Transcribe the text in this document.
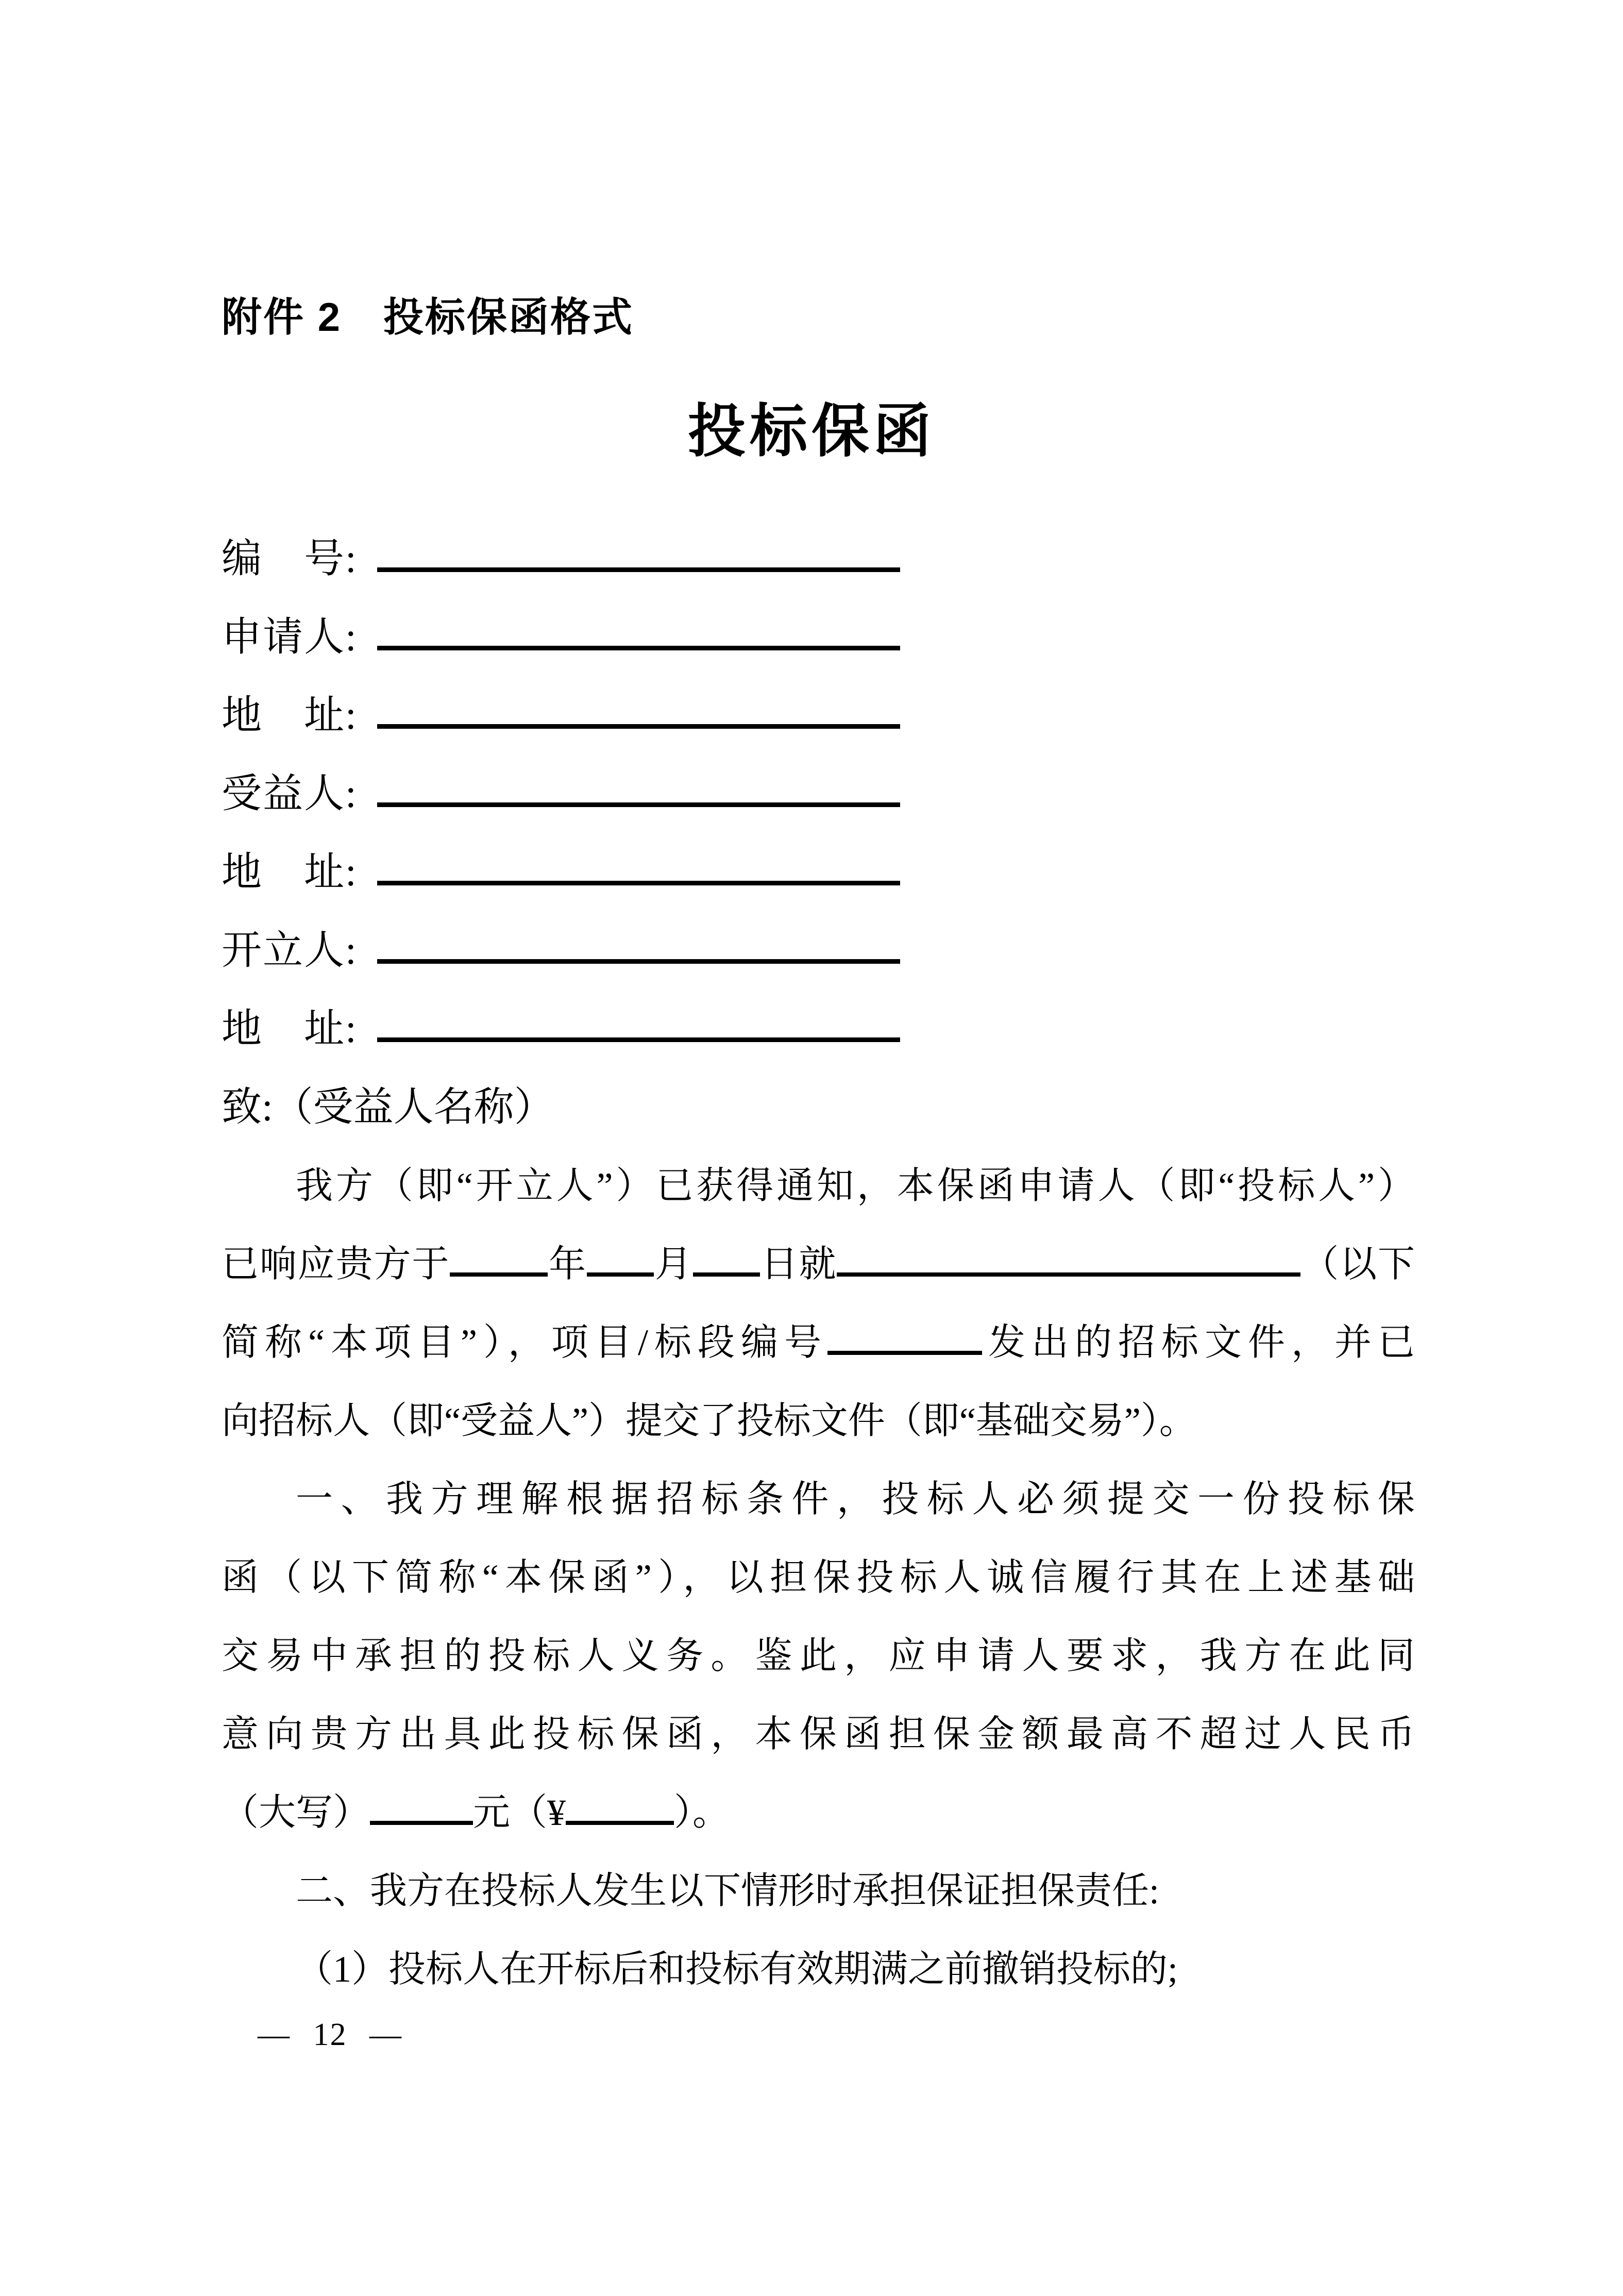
附件 2　投标保函格式
投标保函
编　号:
申请人:
地　址:
受益人:
地　址:
开立人:
地　址:
致:（受益人名称）
我方（即“开立人”）已获得通知，本保函申请人（即“投标人”）
已响应贵方于	年 月 日就	（以下
简称“本项目”），项目/标段编号	发出的招标文件，并已
向招标人（即“受益人”）提交了投标文件（即“基础交易”）。
一、我方理解根据招标条件，投标人必须提交一份投标保
函（以下简称“本保函”），以担保投标人诚信履行其在上述基础
交易中承担的投标人义务。鉴此，应申请人要求，我方在此同
意向贵方出具此投标保函，本保函担保金额最高不超过人民币
（大写）	元（¥	）。
二、我方在投标人发生以下情形时承担保证担保责任:
（1）投标人在开标后和投标有效期满之前撤销投标的;
— 12 —
